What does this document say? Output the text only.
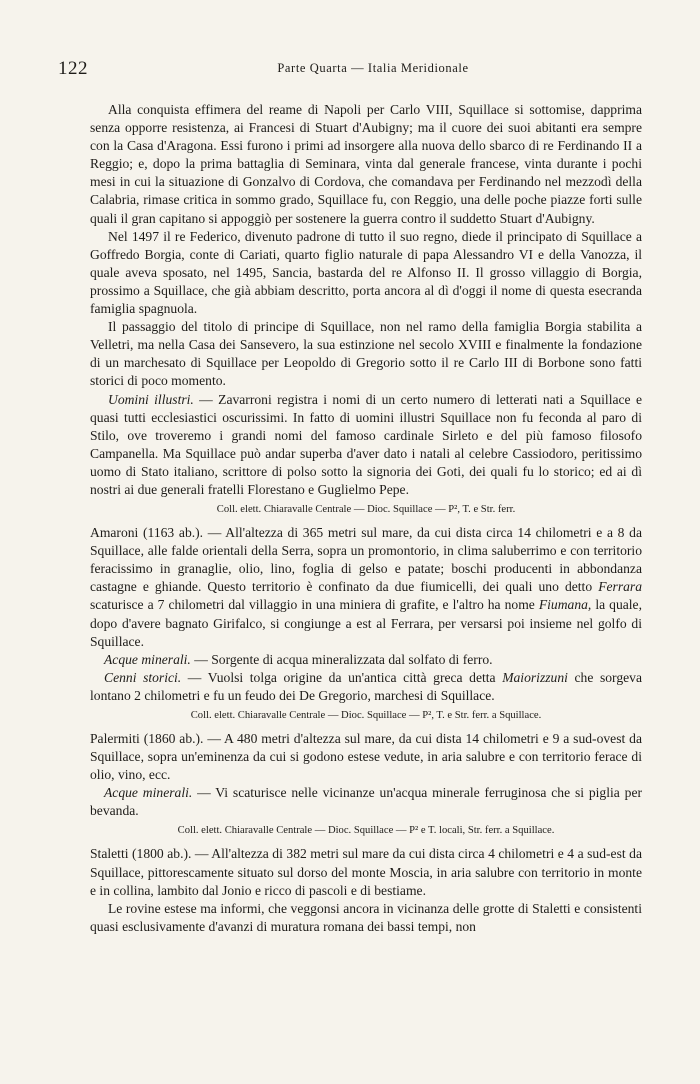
122	Parte Quarta — Italia Meridionale

Alla conquista effimera del reame di Napoli per Carlo VIII, Squillace si sottomise, dapprima senza opporre resistenza, ai Francesi di Stuart d'Aubigny; ma il cuore dei suoi abitanti era sempre con la Casa d'Aragona. Essi furono i primi ad insorgere alla nuova dello sbarco di re Ferdinando II a Reggio; e, dopo la prima battaglia di Seminara, vinta dal generale francese, vinta durante i pochi mesi in cui la situazione di Gonzalvo di Cordova, che comandava per Ferdinando nel mezzodì della Calabria, rimase critica in sommo grado, Squillace fu, con Reggio, una delle poche piazze forti sulle quali il gran capitano si appoggiò per sostenere la guerra contro il suddetto Stuart d'Aubigny.

Nel 1497 il re Federico, divenuto padrone di tutto il suo regno, diede il principato di Squillace a Goffredo Borgia, conte di Cariati, quarto figlio naturale di papa Alessandro VI e della Vanozza, il quale aveva sposato, nel 1495, Sancia, bastarda del re Alfonso II. Il grosso villaggio di Borgia, prossimo a Squillace, che già abbiam descritto, porta ancora al dì d'oggi il nome di questa esecranda famiglia spagnuola.

Il passaggio del titolo di principe di Squillace, non nel ramo della famiglia Borgia stabilita a Velletri, ma nella Casa dei Sansevero, la sua estinzione nel secolo XVIII e finalmente la fondazione di un marchesato di Squillace per Leopoldo di Gregorio sotto il re Carlo III di Borbone sono fatti storici di poco momento.

Uomini illustri. — Zavarroni registra i nomi di un certo numero di letterati nati a Squillace e quasi tutti ecclesiastici oscurissimi. In fatto di uomini illustri Squillace non fu feconda al paro di Stilo, ove troveremo i grandi nomi del famoso cardinale Sirleto e del più famoso filosofo Campanella. Ma Squillace può andar superba d'aver dato i natali al celebre Cassiodoro, peritissimo uomo di Stato italiano, scrittore di polso sotto la signoria dei Goti, dei quali fu lo storico; ed ai dì nostri ai due generali fratelli Florestano e Guglielmo Pepe.

Coll. elett. Chiaravalle Centrale — Dioc. Squillace — P², T. e Str. ferr.

Amaroni (1163 ab.). — All'altezza di 365 metri sul mare, da cui dista circa 14 chilometri e a 8 da Squillace, alle falde orientali della Serra, sopra un promontorio, in clima saluberrimo e con territorio feracissimo in granaglie, olio, lino, foglia di gelso e patate; boschi producenti in abbondanza castagne e ghiande. Questo territorio è confinato da due fiumicelli, dei quali uno detto Ferrara scaturisce a 7 chilometri dal villaggio in una miniera di grafite, e l'altro ha nome Fiumana, la quale, dopo d'avere bagnato Girifalco, si congiunge a est al Ferrara, per versarsi poi insieme nel golfo di Squillace.

Acque minerali. — Sorgente di acqua mineralizzata dal solfato di ferro.

Cenni storici. — Vuolsi tolga origine da un'antica città greca detta Maiorizzuni che sorgeva lontano 2 chilometri e fu un feudo dei De Gregorio, marchesi di Squillace.

Coll. elett. Chiaravalle Centrale — Dioc. Squillace — P², T. e Str. ferr. a Squillace.

Palermiti (1860 ab.). — A 480 metri d'altezza sul mare, da cui dista 14 chilometri e 9 a sud-ovest da Squillace, sopra un'eminenza da cui si godono estese vedute, in aria salubre e con territorio ferace di olio, vino, ecc.

Acque minerali. — Vi scaturisce nelle vicinanze un'acqua minerale ferruginosa che si piglia per bevanda.

Coll. elett. Chiaravalle Centrale — Dioc. Squillace — P² e T. locali, Str. ferr. a Squillace.

Staletti (1800 ab.). — All'altezza di 382 metri sul mare da cui dista circa 4 chilometri e 4 a sud-est da Squillace, pittorescamente situato sul dorso del monte Moscia, in aria salubre con territorio in monte e in collina, lambito dal Jonio e ricco di pascoli e di bestiame.

Le rovine estese ma informi, che veggonsi ancora in vicinanza delle grotte di Staletti e consistenti quasi esclusivamente d'avanzi di muratura romana dei bassi tempi, non
